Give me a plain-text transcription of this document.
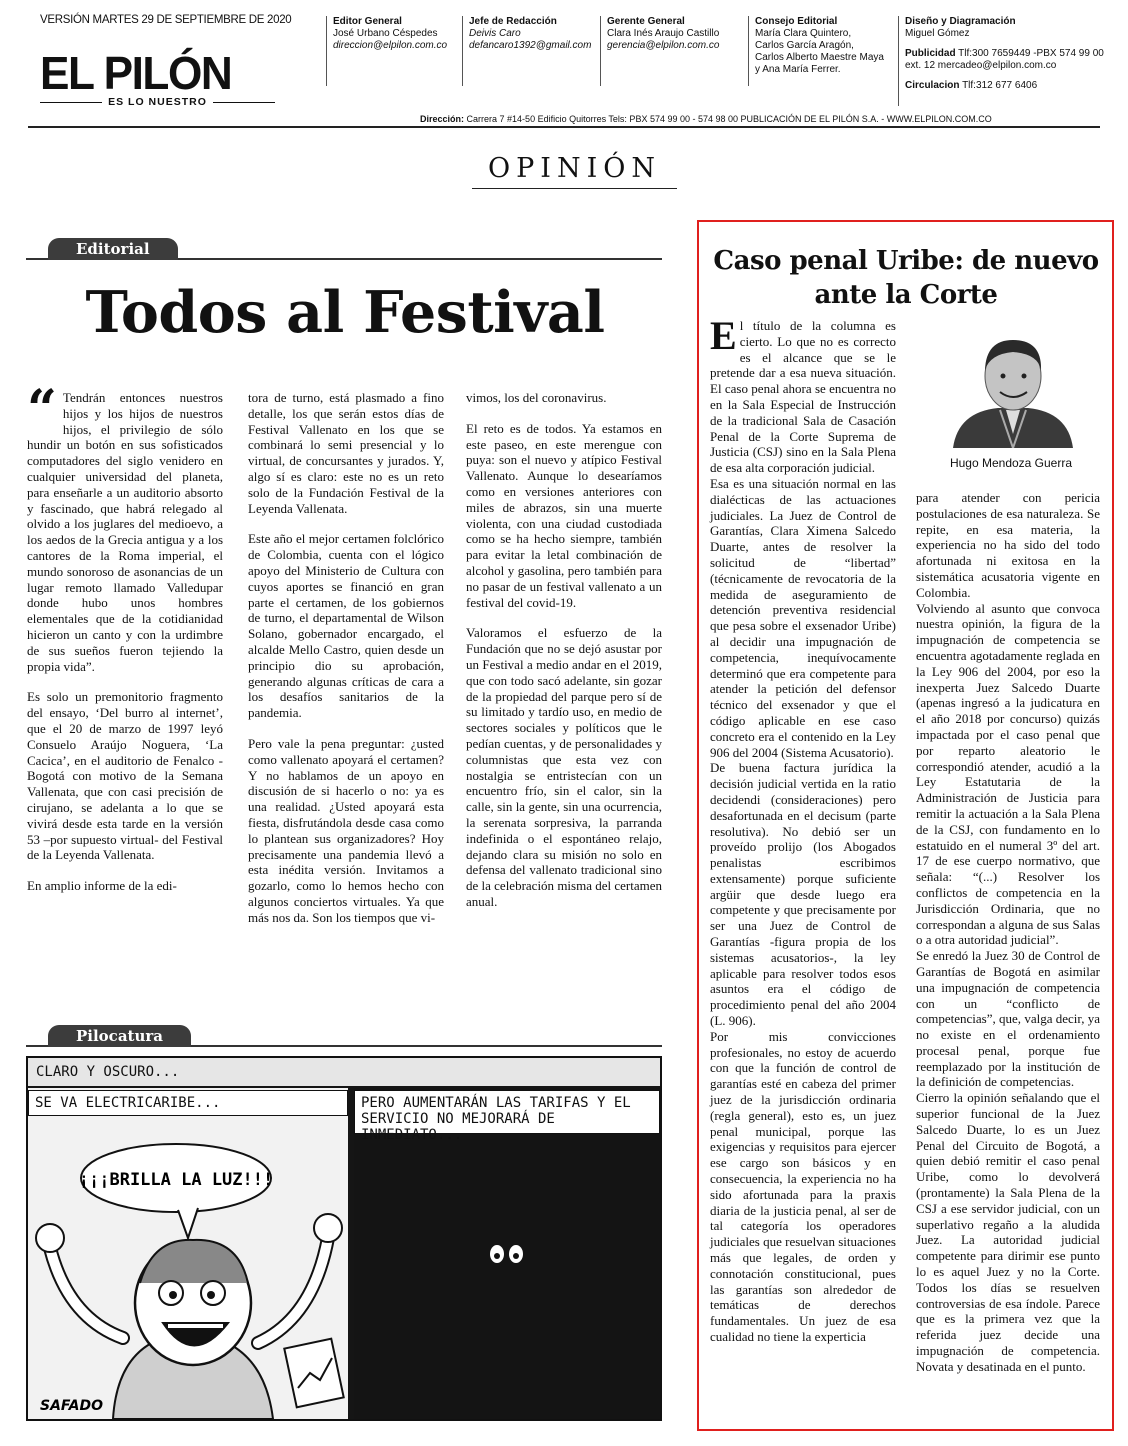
VERSIÓN MARTES 29 DE SEPTIEMBRE DE 2020
EL PILÓN
ES LO NUESTRO
Editor General
José Urbano Céspedes
direccion@elpilon.com.co
Jefe de Redacción
Deivis Caro
defancaro1392@gmail.com
Gerente General
Clara Inés Araujo Castillo
gerencia@elpilon.com.co
Consejo Editorial
María Clara Quintero,
Carlos García Aragón,
Carlos Alberto Maestre Maya
y Ana María Ferrer.
Diseño y Diagramación
Miguel Gómez
Publicidad Tlf:300 7659449 -PBX 574 99 00
ext. 12 mercadeo@elpilon.com.co
Circulacion Tlf:312 677 6406
Dirección: Carrera 7 #14-50 Edificio Quitorres Tels: PBX 574 99 00 - 574 98 00 PUBLICACIÓN DE EL PILÓN S.A. - WWW.ELPILON.COM.CO
OPINIÓN
Editorial
Todos al Festival

“ Tendrán entonces nuestros hijos y los hijos de nuestros hijos, el privilegio de sólo hundir un botón en sus sofisticados computadores del siglo venidero en cualquier universidad del planeta, para enseñarle a un auditorio absorto y fascinado, que habrá relegado al olvido a los juglares del medioevo, a los aedos de la Grecia antigua y a los cantores de la Roma imperial, el mundo sonoroso de asonancias de un lugar remoto llamado Valledupar donde hubo unos hombres elementales que de la cotidianidad hicieron un canto y con la urdimbre de sus sueños fueron tejiendo la propia vida”.

Es solo un premonitorio fragmento del ensayo, ‘Del burro al internet’, que el 20 de marzo de 1997 leyó Consuelo Araújo Noguera, ‘La Cacica’, en el auditorio de Fenalco - Bogotá con motivo de la Semana Vallenata, que con casi precisión de cirujano, se adelanta a lo que se vivirá desde esta tarde en la versión 53 –por supuesto virtual- del Festival de la Leyenda Vallenata.

En amplio informe de la edi-

tora de turno, está plasmado a fino detalle, los que serán estos días de Festival Vallenato en los que se combinará lo semi presencial y lo virtual, de concursantes y jurados. Y, algo sí es claro: este no es un reto solo de la Fundación Festival de la Leyenda Vallenata.

Este año el mejor certamen folclórico de Colombia, cuenta con el lógico apoyo del Ministerio de Cultura con cuyos aportes se financió en gran parte el certamen, de los gobiernos de turno, el departamental de Wilson Solano, gobernador encargado, el alcalde Mello Castro, quien desde un principio dio su aprobación, generando algunas críticas de cara a los desafíos sanitarios de la pandemia.

Pero vale la pena preguntar: ¿usted como vallenato apoyará el certamen? Y no hablamos de un apoyo en discusión de si hacerlo o no: ya es una realidad. ¿Usted apoyará esta fiesta, disfrutándola desde casa como lo plantean sus organizadores? Hoy precisamente una pandemia llevó a esta inédita versión. Invitamos a gozarlo, como lo hemos hecho con algunos conciertos virtuales. Ya que más nos da. Son los tiempos que vi-

vimos, los del coronavirus.

El reto es de todos. Ya estamos en este paseo, en este merengue con puya: son el nuevo y atípico Festival Vallenato. Aunque lo desearíamos como en versiones anteriores con miles de abrazos, sin una muerte violenta, con una ciudad custodiada como se ha hecho siempre, también para evitar la letal combinación de alcohol y gasolina, pero también para no pasar de un festival vallenato a un festival del covid-19.

Valoramos el esfuerzo de la Fundación que no se dejó asustar por un Festival a medio andar en el 2019, que con todo sacó adelante, sin gozar de la propiedad del parque pero sí de su limitado y tardío uso, en medio de sectores sociales y políticos que le pedían cuentas, y de personalidades y columnistas que esta vez con nostalgia se entristecían con un encuentro frío, sin el calor, sin la calle, sin la gente, sin una ocurrencia, la serenata sorpresiva, la parranda indefinida o el espontáneo relajo, dejando clara su misión no solo en defensa del vallenato tradicional sino de la celebración misma del certamen anual.

Pilocatura
CLARO Y OSCURO...
SE VA ELECTRICARIBE...
¡¡¡BRILLA LA LUZ!!!
SAFADO
PERO AUMENTARÁN LAS TARIFAS Y EL SERVICIO NO MEJORARÁ DE INMEDIATO...
Caso penal Uribe: de nuevo ante la Corte

El título de la columna es cierto. Lo que no es correcto es el alcance que se le pretende dar a esa nueva situación. El caso penal ahora se encuentra no en la Sala Especial de Instrucción de la tradicional Sala de Casación Penal de la Corte Suprema de Justicia (CSJ) sino en la Sala Plena de esa alta corporación judicial.

Esa es una situación normal en las dialécticas de las actuaciones judiciales. La Juez de Control de Garantías, Clara Ximena Salcedo Duarte, antes de resolver la solicitud de “libertad” (técnicamente de revocatoria de la medida de aseguramiento de detención preventiva residencial que pesa sobre el exsenador Uribe) al decidir una impugnación de competencia, inequívocamente determinó que era competente para atender la petición del defensor técnico del exsenador y que el código aplicable en ese caso concreto era el contenido en la Ley 906 del 2004 (Sistema Acusatorio).

De buena factura jurídica la decisión judicial vertida en la ratio decidendi (consideraciones) pero desafortunada en el decisum (parte resolutiva). No debió ser un proveído prolijo (los Abogados penalistas escribimos extensamente) porque suficiente argüir que desde luego era competente y que precisamente por ser una Juez de Control de Garantías -figura propia de los sistemas acusatorios-, la ley aplicable para resolver todos esos asuntos era el código de procedimiento penal del año 2004 (L. 906).

Por mis convicciones profesionales, no estoy de acuerdo con que la función de control de garantías esté en cabeza del primer juez de la jurisdicción ordinaria (regla general), esto es, un juez penal municipal, porque las exigencias y requisitos para ejercer ese cargo son básicos y en consecuencia, la experiencia no ha sido afortunada para la praxis diaria de la justicia penal, al ser de tal categoría los operadores judiciales que resuelvan situaciones más que legales, de orden y connotación constitucional, pues las garantías son alrededor de temáticas de derechos fundamentales. Un juez de esa cualidad no tiene la experticia

Hugo Mendoza Guerra

para atender con pericia postulaciones de esa naturaleza. Se repite, en esa materia, la experiencia no ha sido del todo afortunada ni exitosa en la sistemática acusatoria vigente en Colombia.

Volviendo al asunto que convoca nuestra opinión, la figura de la impugnación de competencia se encuentra agotadamente reglada en la Ley 906 del 2004, por eso la inexperta Juez Salcedo Duarte (apenas ingresó a la judicatura en el año 2018 por concurso) quizás impactada por el caso penal que por reparto aleatorio le correspondió atender, acudió a la Ley Estatutaria de la Administración de Justicia para remitir la actuación a la Sala Plena de la CSJ, con fundamento en lo estatuido en el numeral 3º del art. 17 de ese cuerpo normativo, que señala: “(...) Resolver los conflictos de competencia en la Jurisdicción Ordinaria, que no correspondan a alguna de sus Salas o a otra autoridad judicial”.

Se enredó la Juez 30 de Control de Garantías de Bogotá en asimilar una impugnación de competencia con un “conflicto de competencias”, que, valga decir, ya no existe en el ordenamiento procesal penal, porque fue reemplazado por la institución de la definición de competencias.

Cierro la opinión señalando que el superior funcional de la Juez Salcedo Duarte, lo es un Juez Penal del Circuito de Bogotá, a quien debió remitir el caso penal Uribe, como lo devolverá (prontamente) la Sala Plena de la CSJ a ese servidor judicial, con un superlativo regaño a la aludida Juez. La autoridad judicial competente para dirimir ese punto lo es aquel Juez y no la Corte. Todos los días se resuelven controversias de esa índole. Parece que es la primera vez que la referida juez decide una impugnación de competencia. Novata y desatinada en el punto.
